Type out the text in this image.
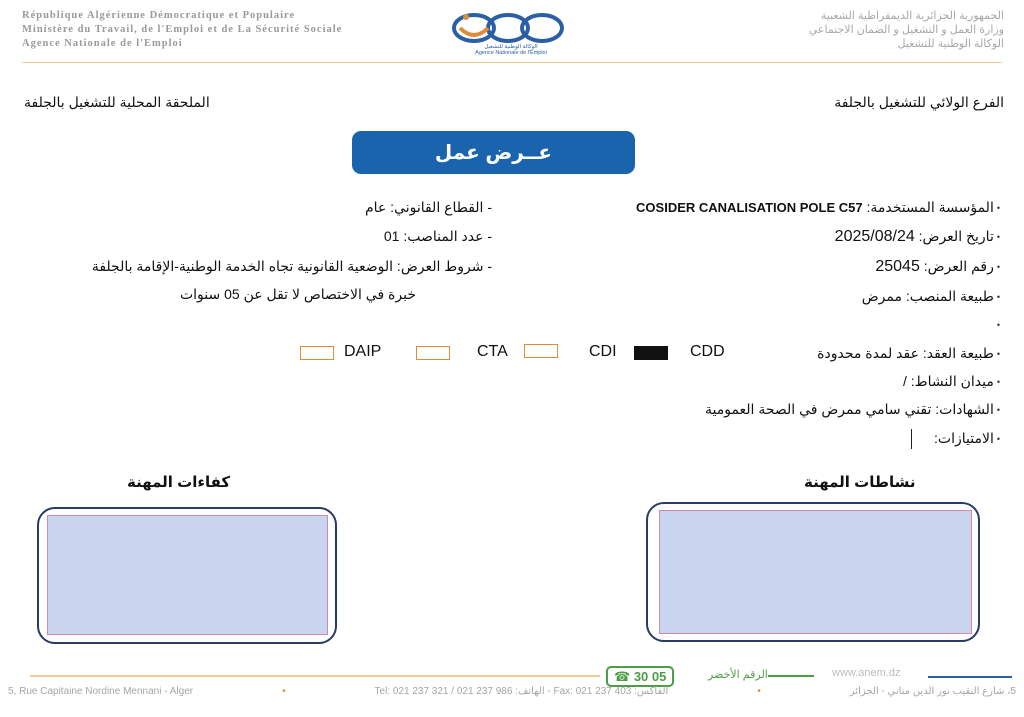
République Algérienne Démocratique et Populaire
Ministère du Travail, de l'Emploi et de La Sécurité Sociale
Agence Nationale de l'Emploi	الوكالة الوطنية للتشغيل
Agence Nationale de l'Emploi
الجمهورية الجزائرية الديمقراطية الشعبية
وزارة العمل و التشغيل و الضمان الاجتماعي
الوكالة الوطنية للتشغيل
الفرع الولائي للتشغيل بالجلفة
الملحقة المحلية للتشغيل بالجلفة
عــرض عمل
•المؤسسة المستخدمة: COSIDER CANALISATION POLE C57
•تاريخ العرض: 2025/08/24
•رقم العرض: 25045
•طبيعة المنصب: ممرض
•
- القطاع القانوني: عام
- عدد المناصب: 01
- شروط العرض: الوضعية القانونية تجاه الخدمة الوطنية-الإقامة بالجلفة
خبرة في الاختصاص لا تقل عن 05 سنوات
•طبيعة العقد: عقد لمدة محدودة
CDD
CDI
CTA
DAIP
•ميدان النشاط: /
•الشهادات: تقني سامي ممرض في الصحة العمومية
•الامتيازات:
نشاطات المهنة
كفاءات المهنة
☎ 30 05	الرقم الأخضر	www.anem.dz
5, Rue Capitaine Nordine Mennani - Alger	•	Tel: 021 237 321 / 021 237 986 :الهاتف - Fax: 021 237 403 :الفاكس	•	5، شارع النقيب نور الدين مناني - الجزائر
